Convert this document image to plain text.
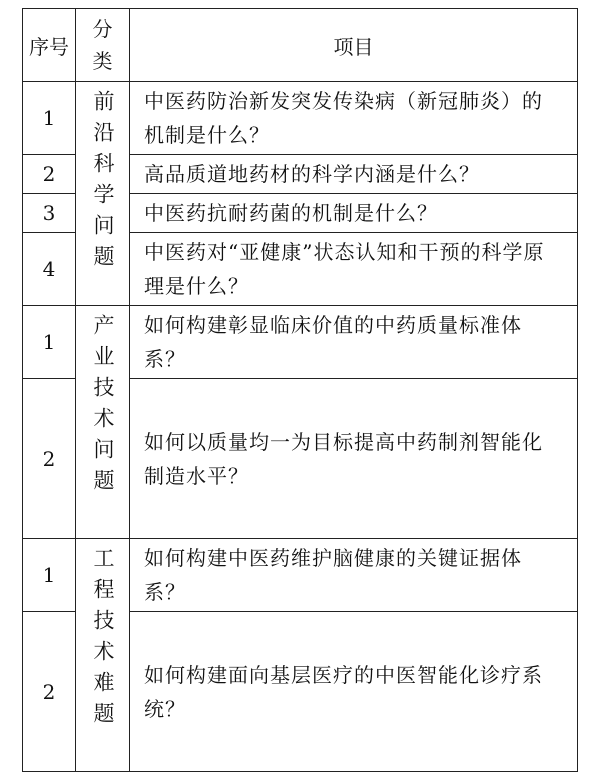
序号	分类	项目
1	前沿科学问题	中医药防治新发突发传染病（新冠肺炎）的机制是什么？
2		高品质道地药材的科学内涵是什么？
3		中医药抗耐药菌的机制是什么？
4		中医药对“亚健康”状态认知和干预的科学原理是什么？
1	产业技术问题	如何构建彰显临床价值的中药质量标准体系？
2		如何以质量均一为目标提高中药制剂智能化制造水平？
1	工程技术难题	如何构建中医药维护脑健康的关键证据体系？
2		如何构建面向基层医疗的中医智能化诊疗系统？
